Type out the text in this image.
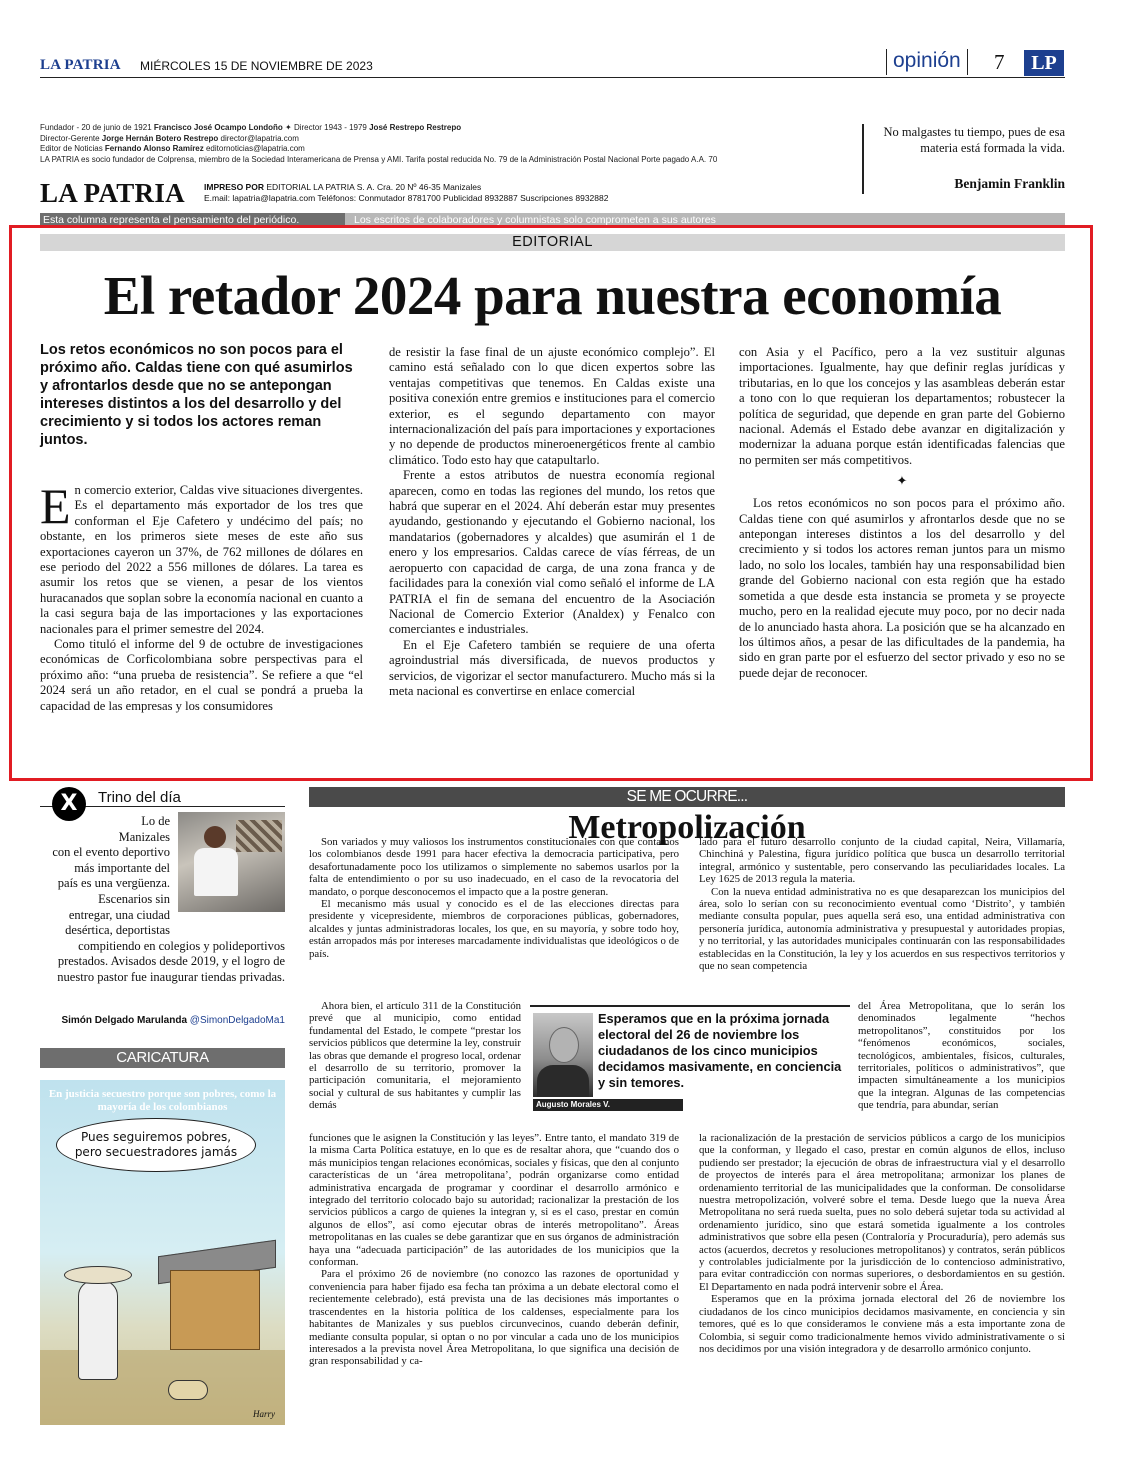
LA PATRIA MIÉRCOLES 15 DE NOVIEMBRE DE 2023	opinión	7	LP
Fundador - 20 de junio de 1921 Francisco José Ocampo Londoño ✦ Director 1943 - 1979 José Restrepo Restrepo
Director-Gerente Jorge Hernán Botero Restrepo director@lapatria.com
Editor de Noticias Fernando Alonso Ramírez editornoticias@lapatria.com
LA PATRIA es socio fundador de Colprensa, miembro de la Sociedad Interamericana de Prensa y AMI. Tarifa postal reducida No. 79 de la Administración Postal Nacional Porte pagado A.A. 70
LA PATRIA IMPRESO POR EDITORIAL LA PATRIA S. A. Cra. 20 Nº 46-35 Manizales
E.mail: lapatria@lapatria.com Teléfonos: Conmutador 8781700 Publicidad 8932887 Suscripciones 8932882
No malgastes tu tiempo, pues de esa materia está formada la vida.
Benjamin Franklin
Esta columna representa el pensamiento del periódico.	Los escritos de colaboradores y columnistas solo comprometen a sus autores
EDITORIAL
El retador 2024 para nuestra economía
Los retos económicos no son pocos para el próximo año. Caldas tiene con qué asumirlos y afrontarlos desde que no se antepongan intereses distintos a los del desarrollo y del crecimiento y si todos los actores reman juntos.

En comercio exterior, Caldas vive situaciones divergentes. Es el departamento más exportador de los tres que conforman el Eje Cafetero y undécimo del país; no obstante, en los primeros siete meses de este año sus exportaciones cayeron un 37%, de 762 millones de dólares en ese periodo del 2022 a 556 millones de dólares. La tarea es asumir los retos que se vienen, a pesar de los vientos huracanados que soplan sobre la economía nacional en cuanto a la casi segura baja de las importaciones y las exportaciones nacionales para el primer semestre del 2024.

Como tituló el informe del 9 de octubre de investigaciones económicas de Corficolombiana sobre perspectivas para el próximo año: “una prueba de resistencia”. Se refiere a que “el 2024 será un año retador, en el cual se pondrá a prueba la capacidad de las empresas y los consumidores

de resistir la fase final de un ajuste económico complejo”. El camino está señalado con lo que dicen expertos sobre las ventajas competitivas que tenemos. En Caldas existe una positiva conexión entre gremios e instituciones para el comercio exterior, es el segundo departamento con mayor internacionalización del país para importaciones y exportaciones y no depende de productos mineroenergéticos frente al cambio climático. Todo esto hay que catapultarlo.

Frente a estos atributos de nuestra economía regional aparecen, como en todas las regiones del mundo, los retos que habrá que superar en el 2024. Ahí deberán estar muy presentes ayudando, gestionando y ejecutando el Gobierno nacional, los mandatarios (gobernadores y alcaldes) que asumirán el 1 de enero y los empresarios. Caldas carece de vías férreas, de un aeropuerto con capacidad de carga, de una zona franca y de facilidades para la conexión vial como señaló el informe de LA PATRIA el fin de semana del encuentro de la Asociación Nacional de Comercio Exterior (Analdex) y Fenalco con comerciantes e industriales.

En el Eje Cafetero también se requiere de una oferta agroindustrial más diversificada, de nuevos productos y servicios, de vigorizar el sector manufacturero. Mucho más si la meta nacional es convertirse en enlace comercial

con Asia y el Pacífico, pero a la vez sustituir algunas importaciones. Igualmente, hay que definir reglas jurídicas y tributarias, en lo que los concejos y las asambleas deberán estar a tono con lo que requieran los departamentos; robustecer la política de seguridad, que depende en gran parte del Gobierno nacional. Además el Estado debe avanzar en digitalización y modernizar la aduana porque están identificadas falencias que no permiten ser más competitivos.

✦

Los retos económicos no son pocos para el próximo año. Caldas tiene con qué asumirlos y afrontarlos desde que no se antepongan intereses distintos a los del desarrollo y del crecimiento y si todos los actores reman juntos para un mismo lado, no solo los locales, también hay una responsabilidad bien grande del Gobierno nacional con esta región que ha estado sometida a que desde esta instancia se prometa y se proyecte mucho, pero en la realidad ejecute muy poco, por no decir nada de lo anunciado hasta ahora. La posición que se ha alcanzado en los últimos años, a pesar de las dificultades de la pandemia, ha sido en gran parte por el esfuerzo del sector privado y eso no se puede dejar de reconocer.

X	Trino del día
Lo de
Manizales
con el evento deportivo
más importante del
país es una vergüenza.
Escenarios sin
entregar, una ciudad
desértica, deportistas
compitiendo en colegios y polideportivos prestados. Avisados desde 2019, y el logro de nuestro pastor fue inaugurar tiendas privadas.
Simón Delgado Marulanda @SimonDelgadoMa1
CARICATURA
En justicia secuestro porque son pobres, como la mayoría de los colombianos
Pues seguiremos pobres,
pero secuestradores jamás
Harry
SE ME OCURRE...
Metropolización

Son variados y muy valiosos los instrumentos constitucionales con que contamos los colombianos desde 1991 para hacer efectiva la democracia participativa, pero desafortunadamente poco los utilizamos o simplemente no sabemos usarlos por la falta de entendimiento o por su uso inadecuado, en el caso de la revocatoria del mandato, o porque desconocemos el impacto que a la postre generan.

El mecanismo más usual y conocido es el de las elecciones directas para presidente y vicepresidente, miembros de corporaciones públicas, gobernadores, alcaldes y juntas administradoras locales, los que, en su mayoría, y sobre todo hoy, están arropados más por intereses marcadamente individualistas que ideológicos o de país.

Ahora bien, el artículo 311 de la Constitución prevé que al municipio, como entidad fundamental del Estado, le compete “prestar los servicios públicos que determine la ley, construir las obras que demande el progreso local, ordenar el desarrollo de su territorio, promover la participación comunitaria, el mejoramiento social y cultural de sus habitantes y cumplir las demás

funciones que le asignen la Constitución y las leyes”. Entre tanto, el mandato 319 de la misma Carta Política estatuye, en lo que es de resaltar ahora, que “cuando dos o más municipios tengan relaciones económicas, sociales y físicas, que den al conjunto características de un ‘área metropolitana’, podrán organizarse como entidad administrativa encargada de programar y coordinar el desarrollo armónico e integrado del territorio colocado bajo su autoridad; racionalizar la prestación de los servicios públicos a cargo de quienes la integran y, si es el caso, prestar en común algunos de ellos”, así como ejecutar obras de interés metropolitano”. Áreas metropolitanas en las cuales se debe garantizar que en sus órganos de administración haya una “adecuada participación” de las autoridades de los municipios que la conforman.

Para el próximo 26 de noviembre (no conozco las razones de oportunidad y conveniencia para haber fijado esa fecha tan próxima a un debate electoral como el recientemente celebrado), está prevista una de las decisiones más importantes o trascendentes en la historia política de los caldenses, especialmente para los habitantes de Manizales y sus pueblos circunvecinos, cuando deberán definir, mediante consulta popular, si optan o no por vincular a cada uno de los municipios interesados a la prevista novel Área Metropolitana, lo que significa una decisión de gran responsabilidad y ca-

lado para el futuro desarrollo conjunto de la ciudad capital, Neira, Villamaría, Chinchiná y Palestina, figura jurídico política que busca un desarrollo territorial integral, armónico y sustentable, pero conservando las peculiaridades locales. La Ley 1625 de 2013 regula la materia.

Con la nueva entidad administrativa no es que desaparezcan los municipios del área, solo lo serían con su reconocimiento eventual como ‘Distrito’, y también mediante consulta popular, pues aquella será eso, una entidad administrativa con personería jurídica, autonomía administrativa y presupuestal y autoridades propias, y no territorial, y las autoridades municipales continuarán con las responsabilidades establecidas en la Constitución, la ley y los acuerdos en sus respectivos territorios y que no sean competencia

del Área Metropolitana, que lo serán los denominados legalmente “hechos metropolitanos”, constituidos por los “fenómenos económicos, sociales, tecnológicos, ambientales, físicos, culturales, territoriales, políticos o administrativos”, que impacten simultáneamente a los municipios que la integran. Algunas de las competencias que tendría, para abundar, serían

la racionalización de la prestación de servicios públicos a cargo de los municipios que la conforman, y llegado el caso, prestar en común algunos de ellos, incluso pudiendo ser prestador; la ejecución de obras de infraestructura vial y el desarrollo de proyectos de interés para el área metropolitana; armonizar los planes de ordenamiento territorial de las municipalidades que la conforman. De consolidarse nuestra metropolización, volveré sobre el tema. Desde luego que la nueva Área Metropolitana no será rueda suelta, pues no solo deberá sujetar toda su actividad al ordenamiento jurídico, sino que estará sometida igualmente a los controles administrativos que sobre ella pesen (Contraloría y Procuraduría), pero además sus actos (acuerdos, decretos y resoluciones metropolitanos) y contratos, serán públicos y controlables judicialmente por la jurisdicción de lo contencioso administrativo, para evitar contradicción con normas superiores, o desbordamientos en su gestión. El Departamento en nada podrá intervenir sobre el Área.

Esperamos que en la próxima jornada electoral del 26 de noviembre los ciudadanos de los cinco municipios decidamos masivamente, en conciencia y sin temores, qué es lo que consideramos le conviene más a esta importante zona de Colombia, si seguir como tradicionalmente hemos vivido administrativamente o si nos decidimos por una visión integradora y de desarrollo armónico conjunto.

Esperamos que en la próxima jornada electoral del 26 de noviembre los ciudadanos de los cinco municipios decidamos masivamente, en conciencia y sin temores.
Augusto Morales V.
